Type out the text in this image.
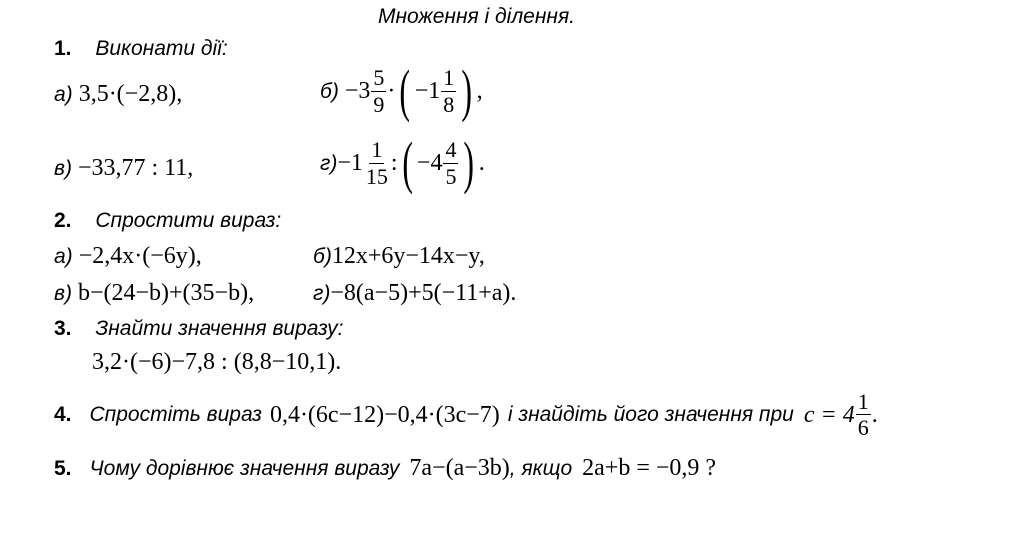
Множення і ділення.
1. Виконати дії:
а) 3,5·(−2,8),	$б) -3 \frac{5}{9}$ · ( $-1 \frac{1}{8}$ ) ,
в) −33,77 : 11,	$г) -1 \frac{1}{15}$ : ( $-4 \frac{4}{5}$ ) .
2. Спростити вираз:
а) −2,4x·(−6y),	б) 12x+6y−14x−y,
в) b−(24−b)+(35−b),	г) −8(a−5)+5(−11+a).
3. Знайти значення виразу:
3,2·(−6)−7,8 : (8,8−10,1).
4. Спростіть вираз 0,4·(6c−12)−0,4·(3c−7) і знайдіть його значення при $c = 4 \frac{1}{6}$ .
5. Чому дорівнює значення виразу 7a−(a−3b) , якщо 2a+b = −0,9 ?
